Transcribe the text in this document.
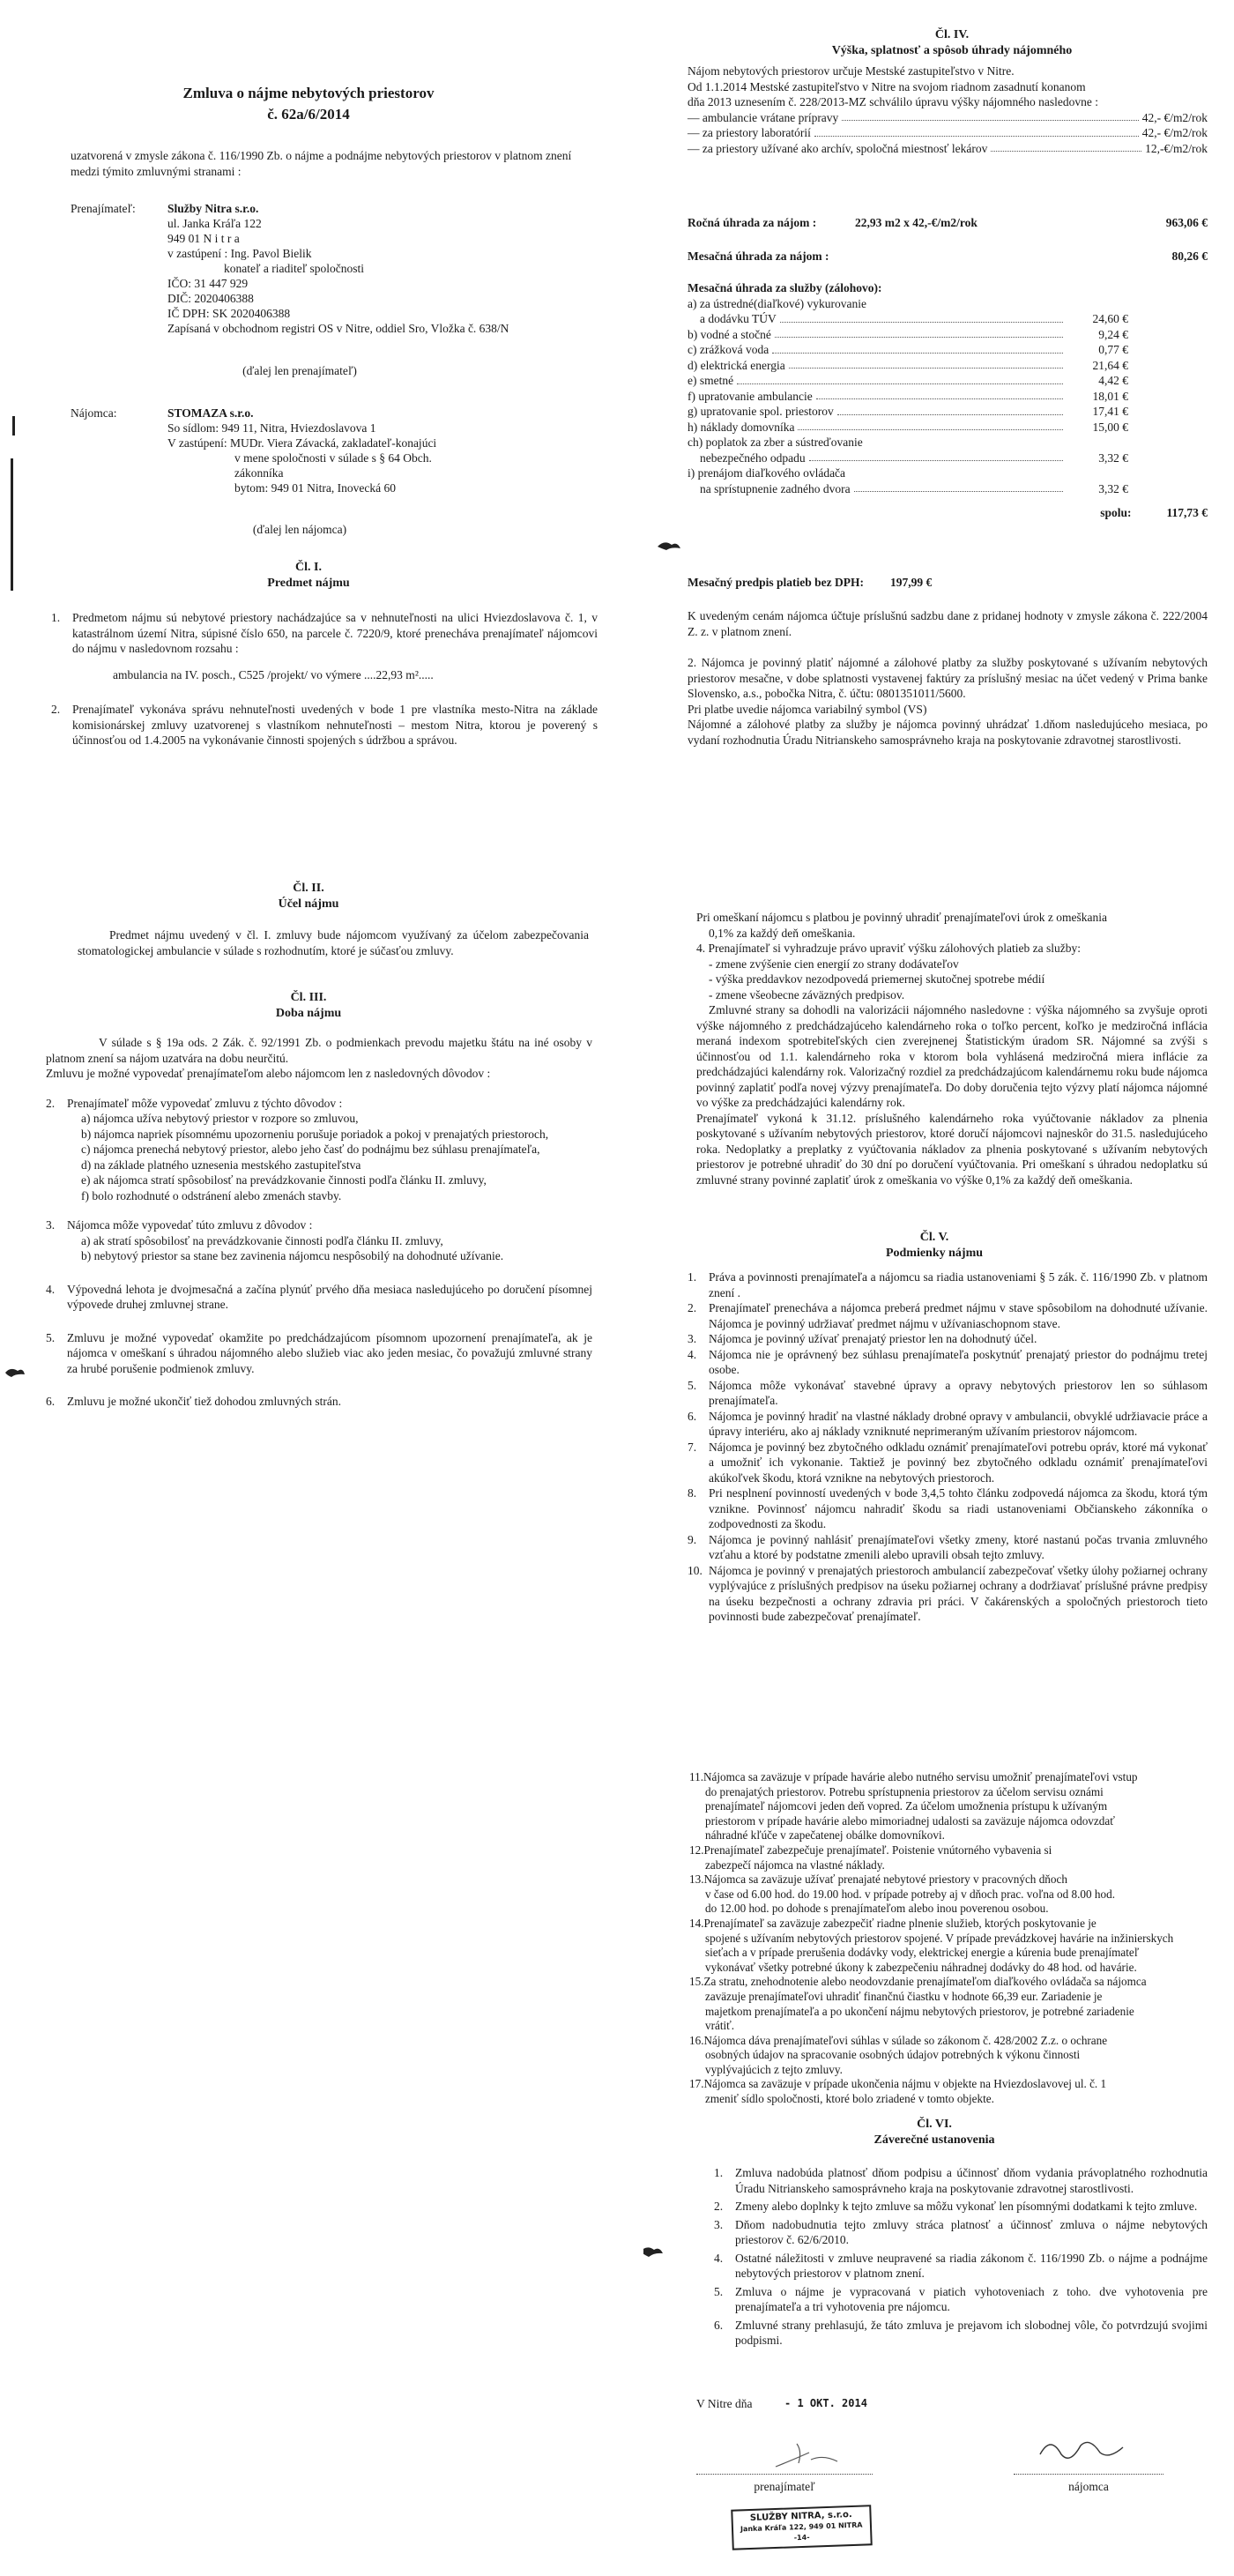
Zmluva o nájme nebytových priestorov

č. 62a/6/2014

uzatvorená v zmysle zákona č. 116/1990 Zb. o nájme a podnájme nebytových priestorov v platnom znení medzi týmito zmluvnými stranami :

Prenajímateľ:	Služby Nitra s.r.o.
ul. Janka Kráľa 122
949 01 N i t r a
v zastúpení : Ing. Pavol Bielik
konateľ a riaditeľ spoločnosti
IČO: 31 447 929
DIČ: 2020406388
IČ DPH: SK 2020406388
Zapísaná v obchodnom registri OS v Nitre, oddiel Sro, Vložka č. 638/N

(ďalej len prenajímateľ)

Nájomca:	STOMAZA s.r.o.
So sídlom: 949 11, Nitra, Hviezdoslavova 1
V zastúpení: MUDr. Viera Závacká, zakladateľ-konajúci
v mene spoločnosti v súlade s § 64 Obch.
zákonníka
bytom: 949 01 Nitra, Inovecká 60

(ďalej len nájomca)

Čl. I.

Predmet nájmu

1.	Predmetom nájmu sú nebytové priestory nachádzajúce sa v nehnuteľnosti na ulici Hviezdoslavova č. 1, v katastrálnom území Nitra, súpisné číslo 650, na parcele č. 7220/9, ktoré prenecháva prenajímateľ nájomcovi do nájmu v nasledovnom rozsahu :
ambulancia na IV. posch., C525 /projekt/ vo výmere ....22,93 m².....
2.	Prenajímateľ vykonáva správu nehnuteľnosti uvedených v bode 1 pre vlastníka mesto-Nitra na základe komisionárskej zmluvy uzatvorenej s vlastníkom nehnuteľnosti – mestom Nitra, ktorou je poverený s účinnosťou od 1.4.2005 na vykonávanie činnosti spojených s údržbou a správou.

Čl. IV.

Výška, splatnosť a spôsob úhrady nájomného

Nájom nebytových priestorov určuje Mestské zastupiteľstvo v Nitre.
Od 1.1.2014 Mestské zastupiteľstvo v Nitre na svojom riadnom zasadnutí konanom
dňa 2013 uznesením č. 228/2013-MZ schválilo úpravu výšky nájomného nasledovne :
— ambulancie vrátane prípravy	42,- €/m2/rok
— za priestory laboratórií	42,- €/m2/rok
— za priestory užívané ako archív, spoločná miestnosť lekárov	12,-€/m2/rok
Ročná úhrada za nájom :	22,93 m2 x 42,-€/m2/rok	963,06 €
Mesačná úhrada za nájom :	80,26 €
Mesačná úhrada za služby (zálohovo):
a) za ústredné(diaľkové) vykurovanie
a dodávku TÚV	24,60 €
b) vodné a stočné	9,24 €
c) zrážková voda	0,77 €
d) elektrická energia	21,64 €
e) smetné	4,42 €
f) upratovanie ambulancie	18,01 €
g) upratovanie spol. priestorov	17,41 €
h) náklady domovníka	15,00 €
ch) poplatok za zber a sústreďovanie
nebezpečného odpadu	3,32 €
i) prenájom diaľkového ovládača
na sprístupnenie zadného dvora	3,32 €
spolu:	117,73 €
Mesačný predpis platieb bez DPH:	197,99 €
K uvedeným cenám nájomca účtuje príslušnú sadzbu dane z pridanej hodnoty v zmysle zákona č. 222/2004 Z. z. v platnom znení.
2. Nájomca je povinný platiť nájomné a zálohové platby za služby poskytované s užívaním nebytových priestorov mesačne, v dobe splatnosti vystavenej faktúry za príslušný mesiac na účet vedený v Prima banke Slovensko, a.s., pobočka Nitra, č. účtu: 0801351011/5600.
Pri platbe uvedie nájomca variabilný symbol (VS)
Nájomné a zálohové platby za služby je nájomca povinný uhrádzať 1.dňom nasledujúceho mesiaca, po vydaní rozhodnutia Úradu Nitrianskeho samosprávneho kraja na poskytovanie zdravotnej starostlivosti.

Čl. II.

Účel nájmu

Predmet nájmu uvedený v čl. I. zmluvy bude nájomcom využívaný za účelom zabezpečovania stomatologickej ambulancie v súlade s rozhodnutím, ktoré je súčasťou zmluvy.

Čl. III.

Doba nájmu

V súlade s § 19a ods. 2 Zák. č. 92/1991 Zb. o podmienkach prevodu majetku štátu na iné osoby v platnom znení sa nájom uzatvára na dobu neurčitú.
Zmluvu je možné vypovedať prenajímateľom alebo nájomcom len z nasledovných dôvodov :
2.	Prenajímateľ môže vypovedať zmluvu z týchto dôvodov :
a) nájomca užíva nebytový priestor v rozpore so zmluvou,
b) nájomca napriek písomnému upozorneniu porušuje poriadok a pokoj v prenajatých priestoroch,
c) nájomca prenechá nebytový priestor, alebo jeho časť do podnájmu bez súhlasu prenajímateľa,
d) na základe platného uznesenia mestského zastupiteľstva
e) ak nájomca stratí spôsobilosť na prevádzkovanie činnosti podľa článku II. zmluvy,
f) bolo rozhodnuté o odstránení alebo zmenách stavby.
3.	Nájomca môže vypovedať túto zmluvu z dôvodov :
a) ak stratí spôsobilosť na prevádzkovanie činnosti podľa článku II. zmluvy,
b) nebytový priestor sa stane bez zavinenia nájomcu nespôsobilý na dohodnuté užívanie.
4.	Výpovedná lehota je dvojmesačná a začína plynúť prvého dňa mesiaca nasledujúceho po doručení písomnej výpovede druhej zmluvnej strane.
5.	Zmluvu je možné vypovedať okamžite po predchádzajúcom písomnom upozornení prenajímateľa, ak je nájomca v omeškaní s úhradou nájomného alebo služieb viac ako jeden mesiac, čo považujú zmluvné strany za hrubé porušenie podmienok zmluvy.
6.	Zmluvu je možné ukončiť tiež dohodou zmluvných strán.
Pri omeškaní nájomcu s platbou je povinný uhradiť prenajímateľovi úrok z omeškania
0,1% za každý deň omeškania.
4. Prenajímateľ si vyhradzuje právo upraviť výšku zálohových platieb za služby:
- zmene zvýšenie cien energií zo strany dodávateľov
- výška preddavkov nezodpovedá priemernej skutočnej spotrebe médií
- zmene všeobecne záväzných predpisov.
Zmluvné strany sa dohodli na valorizácii nájomného nasledovne : výška nájomného sa zvyšuje oproti výške nájomného z predchádzajúceho kalendárneho roka o toľko percent, koľko je medziročná inflácia meraná indexom spotrebiteľských cien zverejnenej Štatistickým úradom SR. Nájomné sa zvýši s účinnosťou od 1.1. kalendárneho roka v ktorom bola vyhlásená medziročná miera inflácie za predchádzajúci kalendárny rok. Valorizačný rozdiel za predchádzajúcom kalendárnemu roku bude nájomca povinný zaplatiť podľa novej výzvy prenajímateľa. Do doby doručenia tejto výzvy platí nájomca nájomné vo výške za predchádzajúci kalendárny rok.
Prenajímateľ vykoná k 31.12. príslušného kalendárneho roka vyúčtovanie nákladov za plnenia poskytované s užívaním nebytových priestorov, ktoré doručí nájomcovi najneskôr do 31.5. nasledujúceho roka. Nedoplatky a preplatky z vyúčtovania nákladov za plnenia poskytované s užívaním nebytových priestorov je potrebné uhradiť do 30 dní po doručení vyúčtovania. Pri omeškaní s úhradou nedoplatku sú zmluvné strany povinné zaplatiť úrok z omeškania vo výške 0,1% za každý deň omeškania.

Čl. V.

Podmienky nájmu

1.	Práva a povinnosti prenajímateľa a nájomcu sa riadia ustanoveniami § 5 zák. č. 116/1990 Zb. v platnom znení .
2.	Prenajímateľ prenecháva a nájomca preberá predmet nájmu v stave spôsobilom na dohodnuté užívanie. Nájomca je povinný udržiavať predmet nájmu v užívaniaschopnom stave.
3.	Nájomca je povinný užívať prenajatý priestor len na dohodnutý účel.
4.	Nájomca nie je oprávnený bez súhlasu prenajímateľa poskytnúť prenajatý priestor do podnájmu tretej osobe.
5.	Nájomca môže vykonávať stavebné úpravy a opravy nebytových priestorov len so súhlasom prenajímateľa.
6.	Nájomca je povinný hradiť na vlastné náklady drobné opravy v ambulancii, obvyklé udržiavacie práce a úpravy interiéru, ako aj náklady vzniknuté neprimeraným užívaním priestorov nájomcom.
7.	Nájomca je povinný bez zbytočného odkladu oznámiť prenajímateľovi potrebu opráv, ktoré má vykonať a umožniť ich vykonanie. Taktiež je povinný bez zbytočného odkladu oznámiť prenajímateľovi akúkoľvek škodu, ktorá vznikne na nebytových priestoroch.
8.	Pri nesplnení povinností uvedených v bode 3,4,5 tohto článku zodpovedá nájomca za škodu, ktorá tým vznikne. Povinnosť nájomcu nahradiť škodu sa riadi ustanoveniami Občianskeho zákonníka o zodpovednosti za škodu.
9.	Nájomca je povinný nahlásiť prenajímateľovi všetky zmeny, ktoré nastanú počas trvania zmluvného vzťahu a ktoré by podstatne zmenili alebo upravili obsah tejto zmluvy.
10. Nájomca je povinný v prenajatých priestoroch ambulancií zabezpečovať všetky úlohy požiarnej ochrany vyplývajúce z príslušných predpisov na úseku požiarnej ochrany a dodržiavať príslušné právne predpisy na úseku bezpečnosti a ochrany zdravia pri práci. V čakárenských a spoločných priestoroch tieto povinnosti bude zabezpečovať prenajímateľ.
11.Nájomca sa zaväzuje v prípade havárie alebo nutného servisu umožniť prenajímateľovi vstup
do prenajatých priestorov. Potrebu sprístupnenia priestorov za účelom servisu oznámi
prenajímateľ nájomcovi jeden deň vopred. Za účelom umožnenia prístupu k užívaným
priestorom v prípade havárie alebo mimoriadnej udalosti sa zaväzuje nájomca odovzdať
náhradné kľúče v zapečatenej obálke domovníkovi.
12.Prenajímateľ zabezpečuje prenajímateľ. Poistenie vnútorného vybavenia si
zabezpečí nájomca na vlastné náklady.
13.Nájomca sa zaväzuje užívať prenajaté nebytové priestory v pracovných dňoch
v čase od 6.00 hod. do 19.00 hod. v prípade potreby aj v dňoch prac. voľna od 8.00 hod.
do 12.00 hod. po dohode s prenajímateľom alebo inou poverenou osobou.
14.Prenajímateľ sa zaväzuje zabezpečiť riadne plnenie služieb, ktorých poskytovanie je
spojené s užívaním nebytových priestorov spojené. V prípade prevádzkovej havárie na inžinierskych
sieťach a v prípade prerušenia dodávky vody, elektrickej energie a kúrenia bude prenajímateľ
vykonávať všetky potrebné úkony k zabezpečeniu náhradnej dodávky do 48 hod. od havárie.
15.Za stratu, znehodnotenie alebo neodovzdanie prenajímateľom diaľkového ovládača sa nájomca
zaväzuje prenajímateľovi uhradiť finančnú čiastku v hodnote 66,39 eur. Zariadenie je
majetkom prenajímateľa a po ukončení nájmu nebytových priestorov, je potrebné zariadenie
vrátiť.
16.Nájomca dáva prenajímateľovi súhlas v súlade so zákonom č. 428/2002 Z.z. o ochrane
osobných údajov na spracovanie osobných údajov potrebných k výkonu činnosti
vyplývajúcich z tejto zmluvy.
17.Nájomca sa zaväzuje v prípade ukončenia nájmu v objekte na Hviezdoslavovej ul. č. 1
zmeniť sídlo spoločnosti, ktoré bolo zriadené v tomto objekte.

Čl. VI.

Záverečné ustanovenia

1.	Zmluva nadobúda platnosť dňom podpisu a účinnosť dňom vydania právoplatného rozhodnutia Úradu Nitrianskeho samosprávneho kraja na poskytovanie zdravotnej starostlivosti.
2.	Zmeny alebo doplnky k tejto zmluve sa môžu vykonať len písomnými dodatkami k tejto zmluve.
3.	Dňom nadobudnutia tejto zmluvy stráca platnosť a účinnosť zmluva o nájme nebytových priestorov č. 62/6/2010.
4.	Ostatné náležitosti v zmluve neupravené sa riadia zákonom č. 116/1990 Zb. o nájme a podnájme nebytových priestorov v platnom znení.
5.	Zmluva o nájme je vypracovaná v piatich vyhotoveniach z toho. dve vyhotovenia pre prenajímateľa a tri vyhotovenia pre nájomcu.
6.	Zmluvné strany prehlasujú, že táto zmluva je prejavom ich slobodnej vôle, čo potvrdzujú svojimi podpismi.
V Nitre dňa	- 1 OKT. 2014

prenajímateľ	nájomca

SLUŽBY NITRA, s.r.o.
Janka Kráľa 122, 949 01 NITRA
-14-
